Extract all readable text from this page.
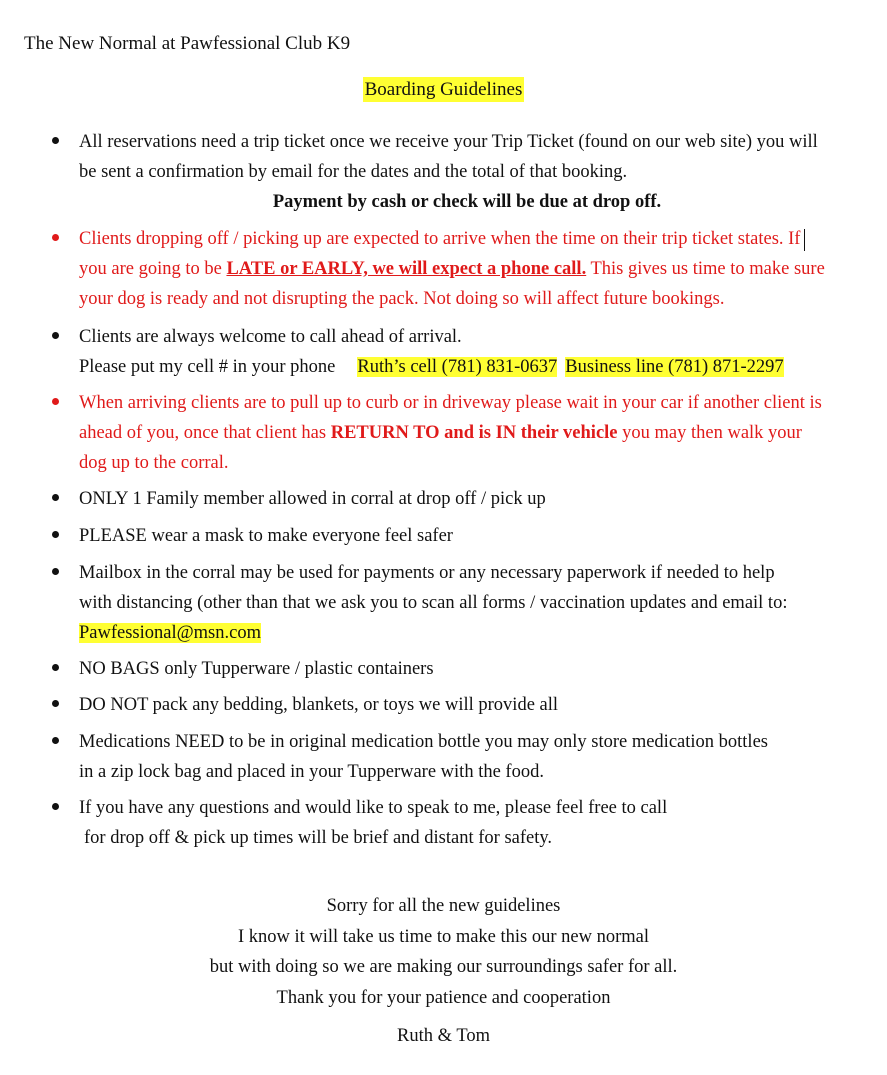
The New Normal at Pawfessional Club K9
Boarding Guidelines
All reservations need a trip ticket once we receive your Trip Ticket (found on our web site) you will
be sent a confirmation by email for the dates and the total of that booking.
Payment by cash or check will be due at drop off.
Clients dropping off / picking up are expected to arrive when the time on their trip ticket states. If
you are going to be LATE or EARLY, we will expect a phone call. This gives us time to make sure
your dog is ready and not disrupting the pack. Not doing so will affect future bookings.
Clients are always welcome to call ahead of arrival.
Please put my cell # in your phone Ruth’s cell (781) 831-0637 Business line (781) 871-2297
When arriving clients are to pull up to curb or in driveway please wait in your car if another client is
ahead of you, once that client has RETURN TO and is IN their vehicle you may then walk your
dog up to the corral.
ONLY 1 Family member allowed in corral at drop off / pick up
PLEASE wear a mask to make everyone feel safer
Mailbox in the corral may be used for payments or any necessary paperwork if needed to help
with distancing (other than that we ask you to scan all forms / vaccination updates and email to:
Pawfessional@msn.com
NO BAGS only Tupperware / plastic containers
DO NOT pack any bedding, blankets, or toys we will provide all
Medications NEED to be in original medication bottle you may only store medication bottles
in a zip lock bag and placed in your Tupperware with the food.
If you have any questions and would like to speak to me, please feel free to call
for drop off & pick up times will be brief and distant for safety.
Sorry for all the new guidelines
I know it will take us time to make this our new normal
but with doing so we are making our surroundings safer for all.
Thank you for your patience and cooperation
Ruth & Tom
